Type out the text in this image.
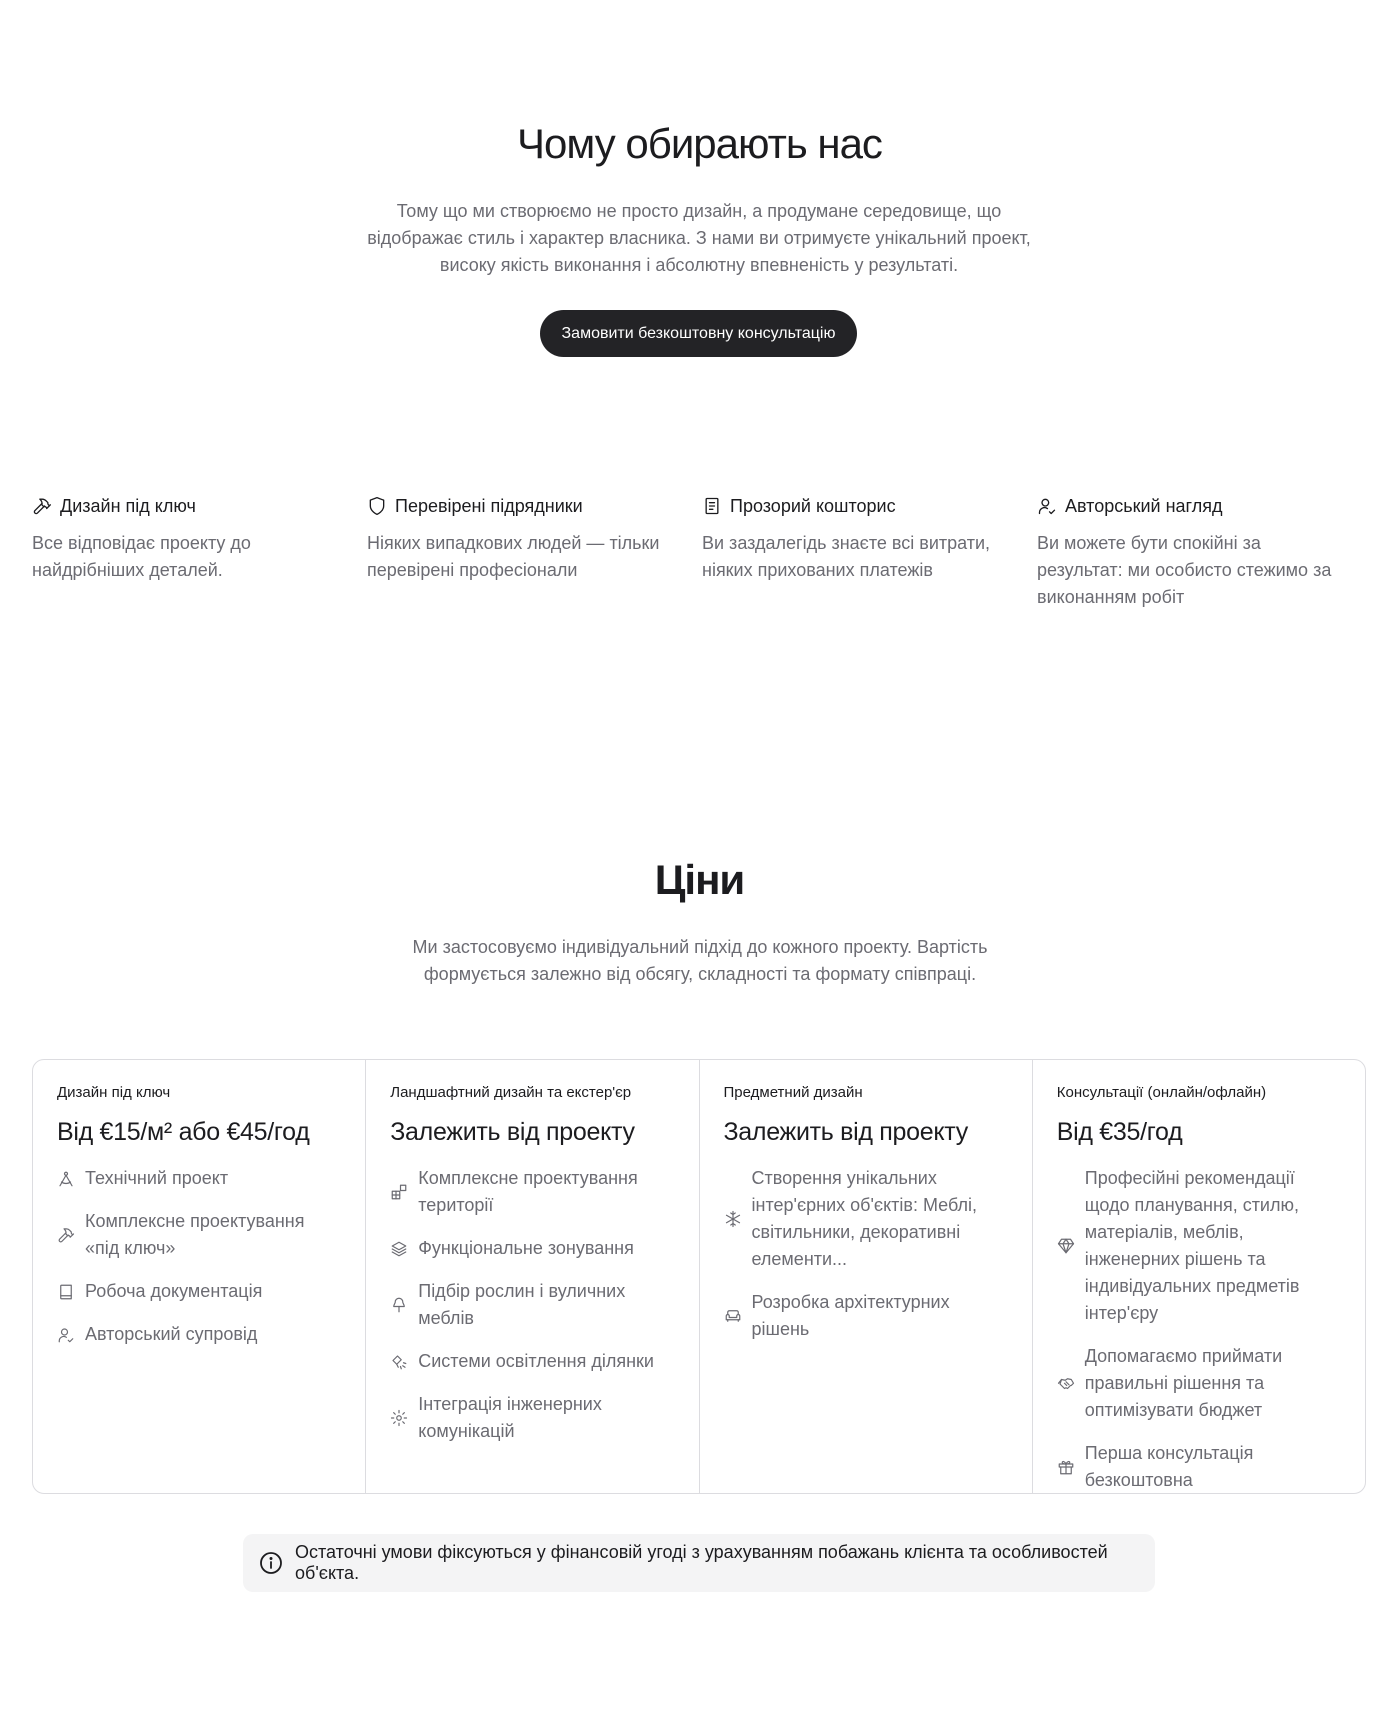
Чому обирають нас

Тому що ми створюємо не просто дизайн, а продумане середовище, що відображає стиль і характер власника. З нами ви отримуєте унікальний проект, високу якість виконання і абсолютну впевненість у результаті.

Замовити безкоштовну консультацію
Дизайн під ключ

Все відповідає проекту до найдрібніших деталей.

Перевірені підрядники

Ніяких випадкових людей — тільки перевірені професіонали

Прозорий кошторис

Ви заздалегідь знаєте всі витрати, ніяких прихованих платежів

Авторський нагляд

Ви можете бути спокійні за результат: ми особисто стежимо за виконанням робіт

Ціни

Ми застосовуємо індивідуальний підхід до кожного проекту. Вартість формується залежно від обсягу, складності та формату співпраці.

Дизайн під ключ
Від €15/м² або €45/год
Технічний проект
Комплексне проектування «під ключ»
Робоча документація
Авторський супровід
Ландшафтний дизайн та екстер'єр
Залежить від проекту
Комплексне проектування території
Функціональне зонування
Підбір рослин і вуличних меблів
Системи освітлення ділянки
Інтеграція інженерних комунікацій
Предметний дизайн
Залежить від проекту
Створення унікальних інтер'єрних об'єктів: Меблі, світильники, декоративні елементи...
Розробка архітектурних рішень
Консультації (онлайн/офлайн)
Від €35/год
Професійні рекомендації щодо планування, стилю, матеріалів, меблів, інженерних рішень та індивідуальних предметів інтер'єру
Допомагаємо приймати правильні рішення та оптимізувати бюджет
Перша консультація безкоштовна
Остаточні умови фіксуються у фінансовій угоді з урахуванням побажань клієнта та особливостей об'єкта.
